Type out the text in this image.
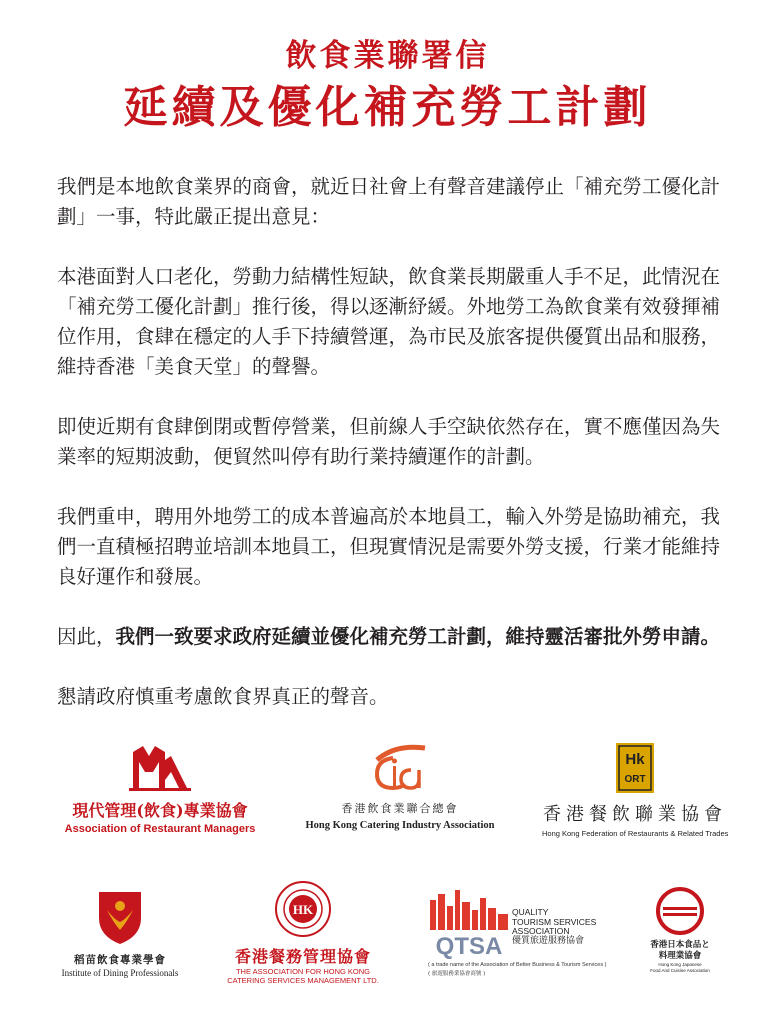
飲食業聯署信
延續及優化補充勞工計劃

我們是本地飲食業界的商會，就近日社會上有聲音建議停止「補充勞工優化計劃」一事，特此嚴正提出意見：

本港面對人口老化，勞動力結構性短缺，飲食業長期嚴重人手不足，此情況在「補充勞工優化計劃」推行後，得以逐漸紓緩。外地勞工為飲食業有效發揮補位作用，食肆在穩定的人手下持續營運，為市民及旅客提供優質出品和服務，維持香港「美食天堂」的聲譽。

即使近期有食肆倒閉或暫停營業，但前線人手空缺依然存在，實不應僅因為失業率的短期波動，便貿然叫停有助行業持續運作的計劃。

我們重申，聘用外地勞工的成本普遍高於本地員工，輸入外勞是協助補充，我們一直積極招聘並培訓本地員工，但現實情況是需要外勞支援，行業才能維持良好運作和發展。

因此，我們一致要求政府延續並優化補充勞工計劃，維持靈活審批外勞申請。

懇請政府慎重考慮飲食界真正的聲音。

現代管理(飲食)專業協會
Association of Restaurant Managers
香港飲食業聯合總會
Hong Kong Catering Industry Association
Hk
ORT
香港餐飲聯業協會
Hong Kong Federation of Restaurants & Related Trades
稻苗飲食專業學會
Institute of Dining Professionals
HK
香港餐務管理協會
THE ASSOCIATION FOR HONG KONG
CATERING SERVICES MANAGEMENT LTD.
QTSA
QUALITY
TOURISM SERVICES
ASSOCIATION
優質旅遊服務協會
( a trade name of the Association of Better Business & Tourism Services )
( 旅遊服務業協會商號 )
香港日本食品と
料理業協會
Hong Kong Japanese
Food And Cuisine Association
